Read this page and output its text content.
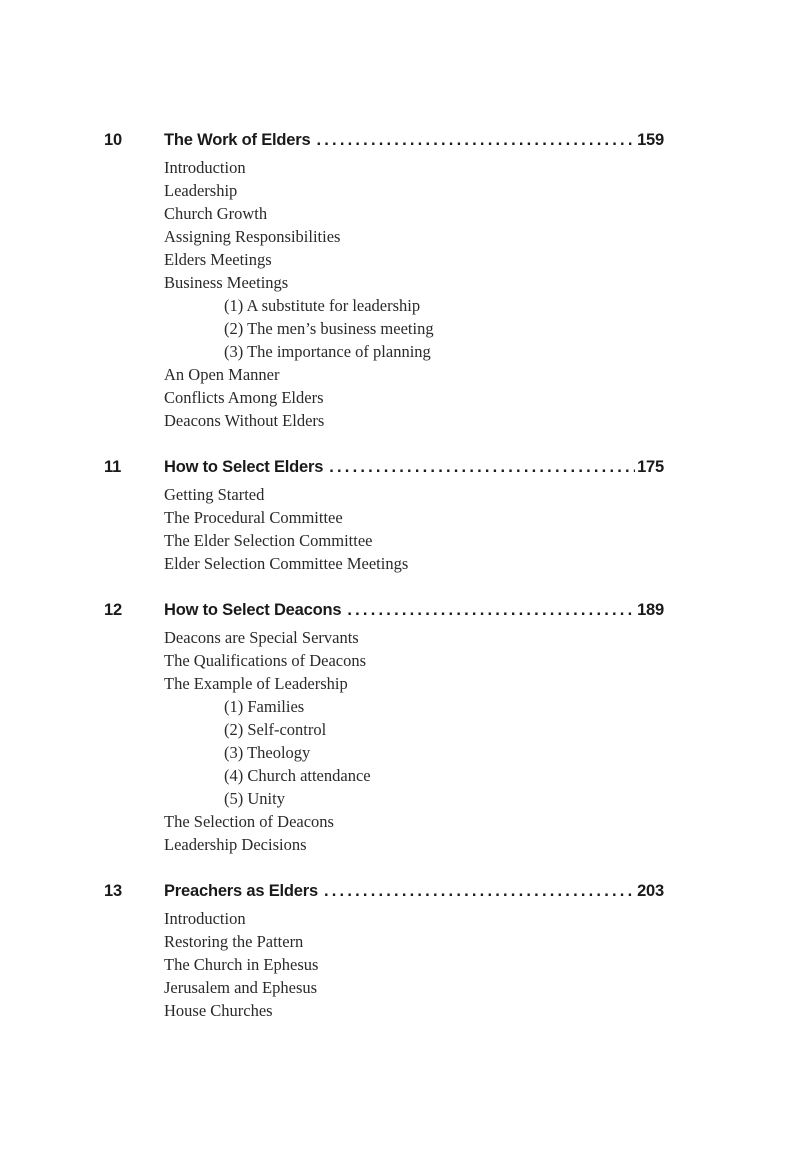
10	The Work of Elders .....	159
Introduction
Leadership
Church Growth
Assigning Responsibilities
Elders Meetings
Business Meetings
(1) A substitute for leadership
(2) The men’s business meeting
(3) The importance of planning
An Open Manner
Conflicts Among Elders
Deacons Without Elders
11	How to Select Elders .....	175
Getting Started
The Procedural Committee
The Elder Selection Committee
Elder Selection Committee Meetings
12	How to Select Deacons .....	189
Deacons are Special Servants
The Qualifications of Deacons
The Example of Leadership
(1) Families
(2) Self-control
(3) Theology
(4) Church attendance
(5) Unity
The Selection of Deacons
Leadership Decisions
13	Preachers as Elders .....	203
Introduction
Restoring the Pattern
The Church in Ephesus
Jerusalem and Ephesus
House Churches
